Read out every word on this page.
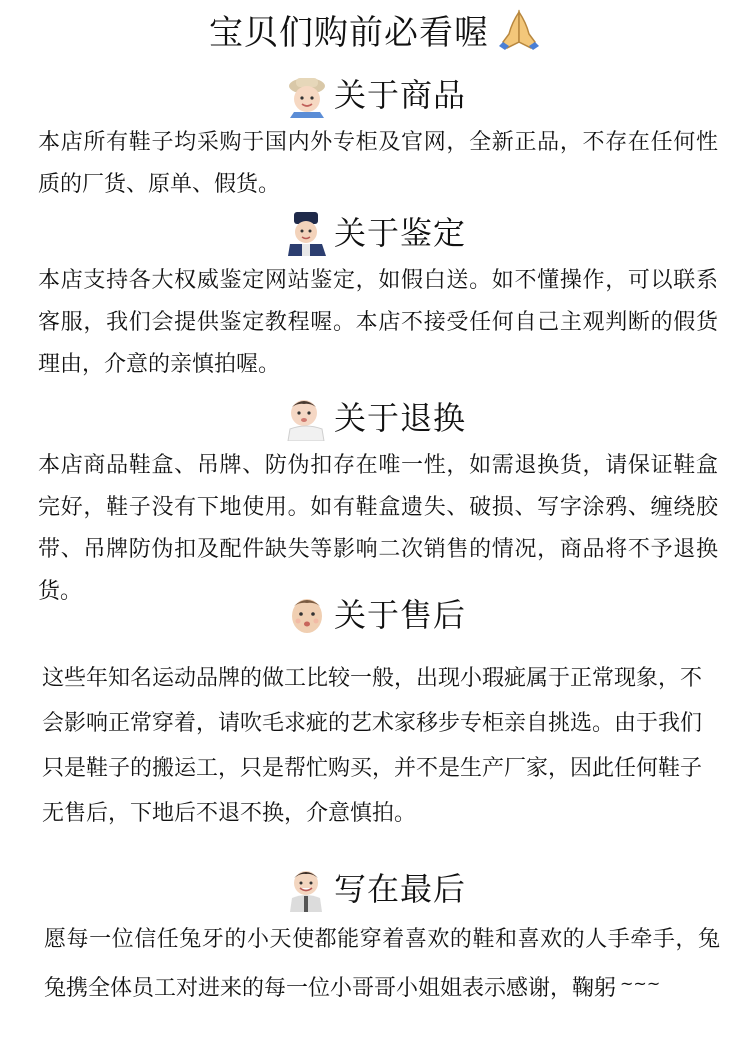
宝贝们购前必看喔
关于商品

本店所有鞋子均采购于国内外专柜及官网，全新正品，不存在任何性质的厂货、原单、假货。

关于鉴定

本店支持各大权威鉴定网站鉴定，如假白送。如不懂操作，可以联系客服，我们会提供鉴定教程喔。本店不接受任何自己主观判断的假货理由，介意的亲慎拍喔。

关于退换

本店商品鞋盒、吊牌、防伪扣存在唯一性，如需退换货，请保证鞋盒完好，鞋子没有下地使用。如有鞋盒遗失、破损、写字涂鸦、缠绕胶带、吊牌防伪扣及配件缺失等影响二次销售的情况，商品将不予退换货。

关于售后

这些年知名运动品牌的做工比较一般，出现小瑕疵属于正常现象，不会影响正常穿着，请吹毛求疵的艺术家移步专柜亲自挑选。由于我们只是鞋子的搬运工，只是帮忙购买，并不是生产厂家，因此任何鞋子无售后，下地后不退不换，介意慎拍。

写在最后

愿每一位信任兔牙的小天使都能穿着喜欢的鞋和喜欢的人手牵手，兔兔携全体员工对进来的每一位小哥哥小姐姐表示感谢，鞠躬 ~~~
